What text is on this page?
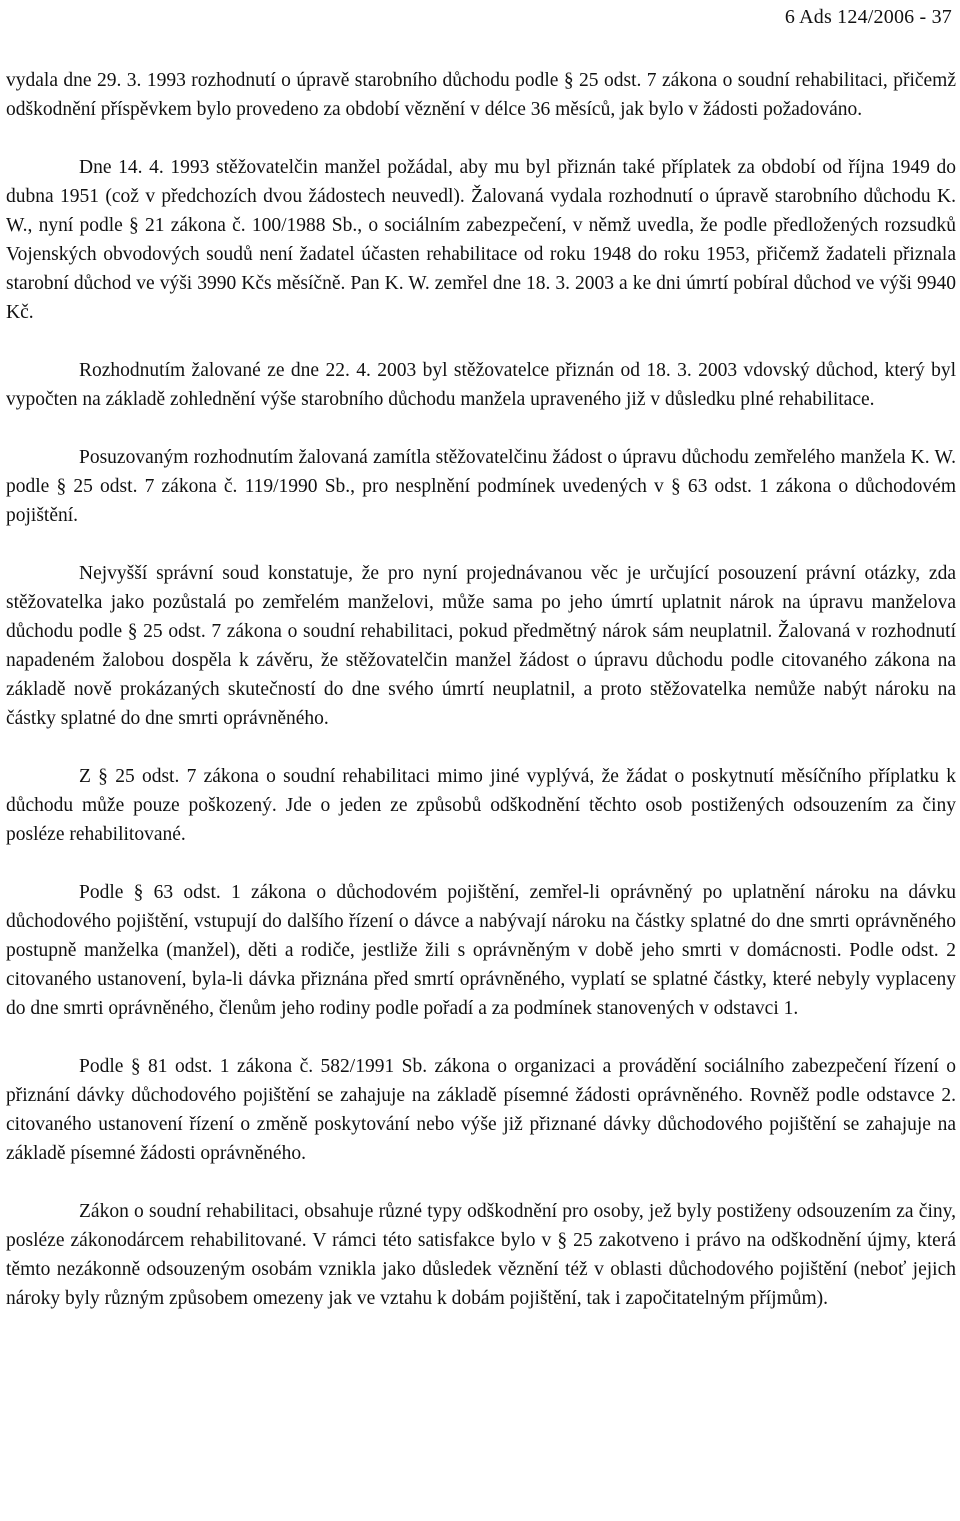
6 Ads 124/2006 - 37

vydala dne 29. 3. 1993 rozhodnutí o úpravě starobního důchodu podle § 25 odst. 7 zákona o soudní rehabilitaci, přičemž odškodnění příspěvkem bylo provedeno za období věznění v délce 36 měsíců, jak bylo v žádosti požadováno.

Dne 14. 4. 1993 stěžovatelčin manžel požádal, aby mu byl přiznán také příplatek za období od října 1949 do dubna 1951 (což v předchozích dvou žádostech neuvedl). Žalovaná vydala rozhodnutí o úpravě starobního důchodu K. W., nyní podle § 21 zákona č. 100/1988 Sb., o sociálním zabezpečení, v němž uvedla, že podle předložených rozsudků Vojenských obvodových soudů není žadatel účasten rehabilitace od roku 1948 do roku 1953, přičemž žadateli přiznala starobní důchod ve výši 3990 Kčs měsíčně. Pan K. W. zemřel dne 18. 3. 2003 a ke dni úmrtí pobíral důchod ve výši 9940 Kč.

Rozhodnutím žalované ze dne 22. 4. 2003 byl stěžovatelce přiznán od 18. 3. 2003 vdovský důchod, který byl vypočten na základě zohlednění výše starobního důchodu manžela upraveného již v důsledku plné rehabilitace.

Posuzovaným rozhodnutím žalovaná zamítla stěžovatelčinu žádost o úpravu důchodu zemřelého manžela K. W. podle § 25 odst. 7 zákona č. 119/1990 Sb., pro nesplnění podmínek uvedených v § 63 odst. 1 zákona o důchodovém pojištění.

Nejvyšší správní soud konstatuje, že pro nyní projednávanou věc je určující posouzení právní otázky, zda stěžovatelka jako pozůstalá po zemřelém manželovi, může sama po jeho úmrtí uplatnit nárok na úpravu manželova důchodu podle § 25 odst. 7 zákona o soudní rehabilitaci, pokud předmětný nárok sám neuplatnil. Žalovaná v rozhodnutí napadeném žalobou dospěla k závěru, že stěžovatelčin manžel žádost o úpravu důchodu podle citovaného zákona na základě nově prokázaných skutečností do dne svého úmrtí neuplatnil, a proto stěžovatelka nemůže nabýt nároku na částky splatné do dne smrti oprávněného.

Z § 25 odst. 7 zákona o soudní rehabilitaci mimo jiné vyplývá, že žádat o poskytnutí měsíčního příplatku k důchodu může pouze poškozený. Jde o jeden ze způsobů odškodnění těchto osob postižených odsouzením za činy posléze rehabilitované.

Podle § 63 odst. 1 zákona o důchodovém pojištění, zemřel-li oprávněný po uplatnění nároku na dávku důchodového pojištění, vstupují do dalšího řízení o dávce a nabývají nároku na částky splatné do dne smrti oprávněného postupně manželka (manžel), děti a rodiče, jestliže žili s oprávněným v době jeho smrti v domácnosti. Podle odst. 2 citovaného ustanovení, byla-li dávka přiznána před smrtí oprávněného, vyplatí se splatné částky, které nebyly vyplaceny do dne smrti oprávněného, členům jeho rodiny podle pořadí a za podmínek stanovených v odstavci 1.

Podle § 81 odst. 1 zákona č. 582/1991 Sb. zákona o organizaci a provádění sociálního zabezpečení řízení o přiznání dávky důchodového pojištění se zahajuje na základě písemné žádosti oprávněného. Rovněž podle odstavce 2. citovaného ustanovení řízení o změně poskytování nebo výše již přiznané dávky důchodového pojištění se zahajuje na základě písemné žádosti oprávněného.

Zákon o soudní rehabilitaci, obsahuje různé typy odškodnění pro osoby, jež byly postiženy odsouzením za činy, posléze zákonodárcem rehabilitované. V rámci této satisfakce bylo v § 25 zakotveno i právo na odškodnění újmy, která těmto nezákonně odsouzeným osobám vznikla jako důsledek věznění též v oblasti důchodového pojištění (neboť jejich nároky byly různým způsobem omezeny jak ve vztahu k dobám pojištění, tak i započitatelným příjmům).
